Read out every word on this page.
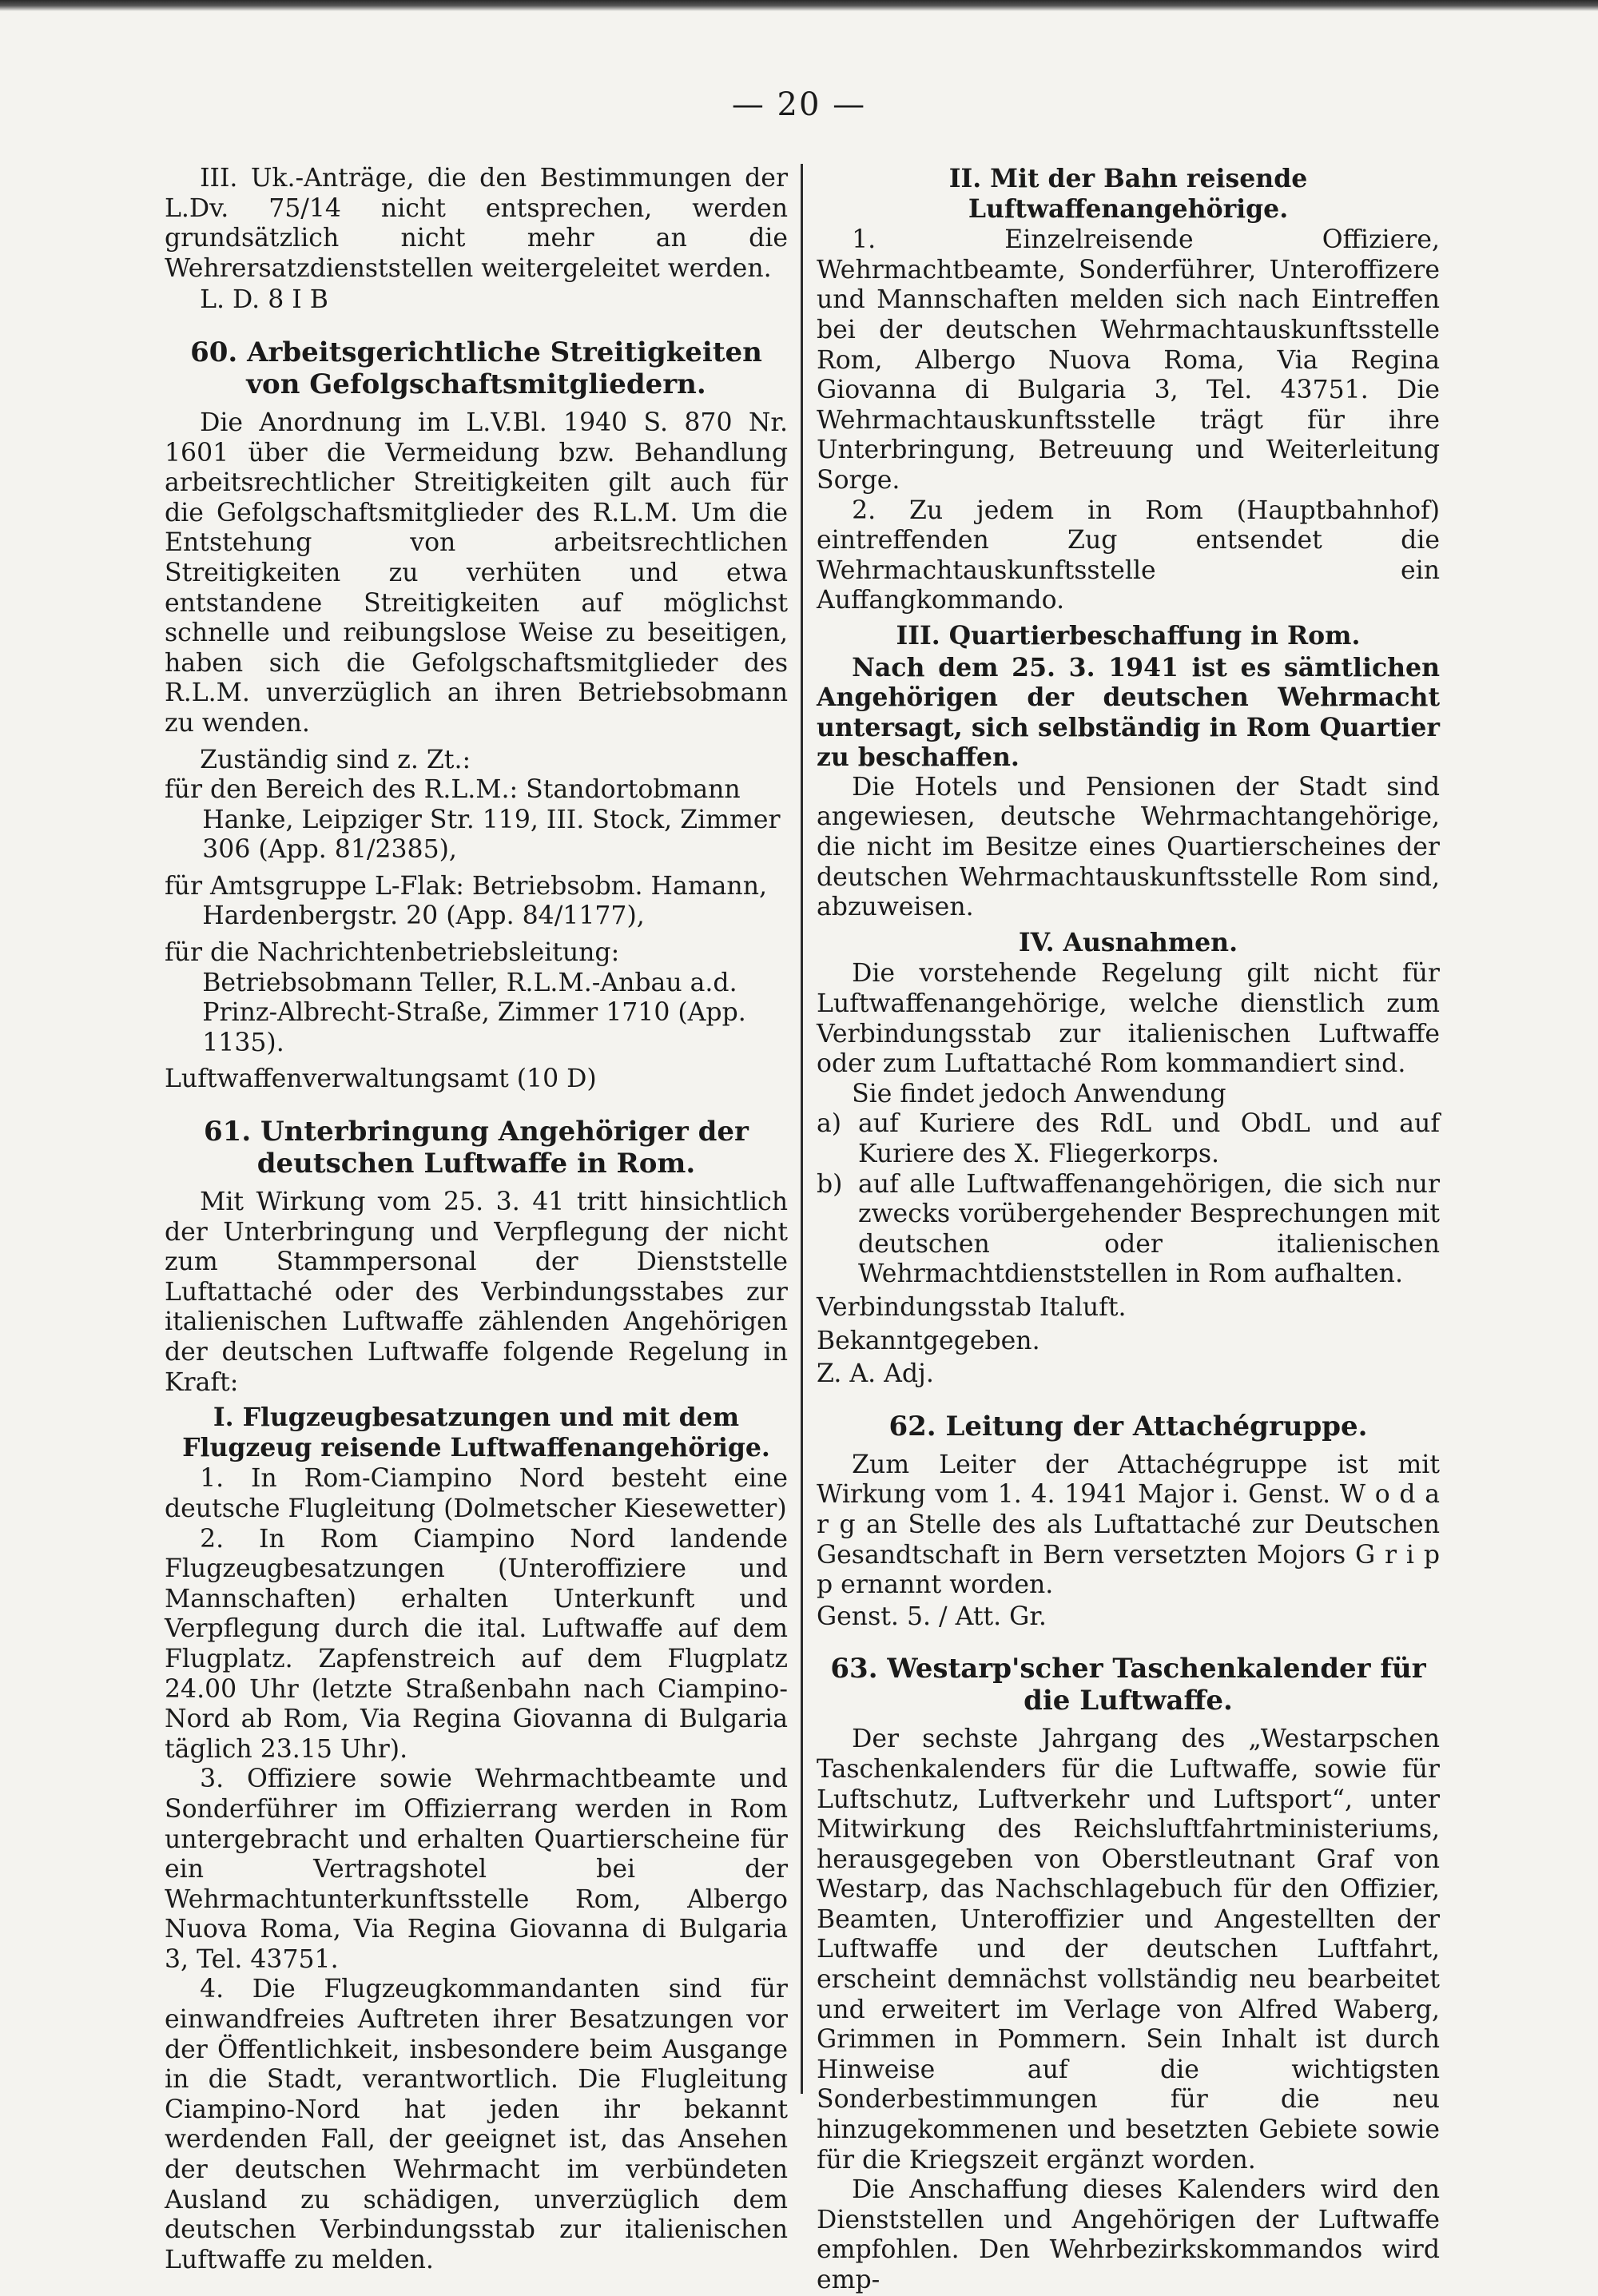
— 20 —

III. Uk.-Anträge, die den Bestimmungen der L.Dv. 75/14 nicht entsprechen, werden grundsätzlich nicht mehr an die Wehrersatzdienststellen weitergeleitet werden.

L. D. 8 I B

60. Arbeitsgerichtliche Streitigkeiten von Gefolgschaftsmitgliedern.

Die Anordnung im L.V.Bl. 1940 S. 870 Nr. 1601 über die Vermeidung bzw. Behandlung arbeitsrechtlicher Streitigkeiten gilt auch für die Gefolgschaftsmitglieder des R.L.M. Um die Entstehung von arbeitsrechtlichen Streitigkeiten zu verhüten und etwa entstandene Streitigkeiten auf möglichst schnelle und reibungslose Weise zu beseitigen, haben sich die Gefolgschaftsmitglieder des R.L.M. unverzüglich an ihren Betriebsobmann zu wenden.

Zuständig sind z. Zt.:

für den Bereich des R.L.M.: Standortobmann Hanke, Leipziger Str. 119, III. Stock, Zimmer 306 (App. 81/2385),

für Amtsgruppe L-Flak: Betriebsobm. Hamann, Hardenbergstr. 20 (App. 84/1177),

für die Nachrichtenbetriebsleitung: Betriebsobmann Teller, R.L.M.-Anbau a.d. Prinz-Albrecht-Straße, Zimmer 1710 (App. 1135).

Luftwaffenverwaltungsamt (10 D)

61. Unterbringung Angehöriger der deutschen Luftwaffe in Rom.

Mit Wirkung vom 25. 3. 41 tritt hinsichtlich der Unterbringung und Verpflegung der nicht zum Stammpersonal der Dienststelle Luftattaché oder des Verbindungsstabes zur italienischen Luftwaffe zählenden Angehörigen der deutschen Luftwaffe folgende Regelung in Kraft:

I. Flugzeugbesatzungen und mit dem Flugzeug reisende Luftwaffenangehörige.

1. In Rom-Ciampino Nord besteht eine deutsche Flugleitung (Dolmetscher Kiesewetter)

2. In Rom Ciampino Nord landende Flugzeugbesatzungen (Unteroffiziere und Mannschaften) erhalten Unterkunft und Verpflegung durch die ital. Luftwaffe auf dem Flugplatz. Zapfenstreich auf dem Flugplatz 24.00 Uhr (letzte Straßenbahn nach Ciampino-Nord ab Rom, Via Regina Giovanna di Bulgaria täglich 23.15 Uhr).

3. Offiziere sowie Wehrmachtbeamte und Sonderführer im Offizierrang werden in Rom untergebracht und erhalten Quartierscheine für ein Vertragshotel bei der Wehrmachtunterkunftsstelle Rom, Albergo Nuova Roma, Via Regina Giovanna di Bulgaria 3, Tel. 43751.

4. Die Flugzeugkommandanten sind für einwandfreies Auftreten ihrer Besatzungen vor der Öffentlichkeit, insbesondere beim Ausgange in die Stadt, verantwortlich. Die Flugleitung Ciampino-Nord hat jeden ihr bekannt werdenden Fall, der geeignet ist, das Ansehen der deutschen Wehrmacht im verbündeten Ausland zu schädigen, unverzüglich dem deutschen Verbindungsstab zur italienischen Luftwaffe zu melden.

II. Mit der Bahn reisende Luftwaffenangehörige.

1. Einzelreisende Offiziere, Wehrmachtbeamte, Sonderführer, Unteroffizere und Mannschaften melden sich nach Eintreffen bei der deutschen Wehrmachtauskunftsstelle Rom, Albergo Nuova Roma, Via Regina Giovanna di Bulgaria 3, Tel. 43751. Die Wehrmachtauskunftsstelle trägt für ihre Unterbringung, Betreuung und Weiterleitung Sorge.

2. Zu jedem in Rom (Hauptbahnhof) eintreffenden Zug entsendet die Wehrmachtauskunftsstelle ein Auffangkommando.

III. Quartierbeschaffung in Rom.

Nach dem 25. 3. 1941 ist es sämtlichen Angehörigen der deutschen Wehrmacht untersagt, sich selbständig in Rom Quartier zu beschaffen.

Die Hotels und Pensionen der Stadt sind angewiesen, deutsche Wehrmachtangehörige, die nicht im Besitze eines Quartierscheines der deutschen Wehrmachtauskunftsstelle Rom sind, abzuweisen.

IV. Ausnahmen.

Die vorstehende Regelung gilt nicht für Luftwaffenangehörige, welche dienstlich zum Verbindungsstab zur italienischen Luftwaffe oder zum Luftattaché Rom kommandiert sind.

Sie findet jedoch Anwendung

a) auf Kuriere des RdL und ObdL und auf Kuriere des X. Fliegerkorps.
b) auf alle Luftwaffenangehörigen, die sich nur zwecks vorübergehender Besprechungen mit deutschen oder italienischen Wehrmachtdienststellen in Rom aufhalten.

Verbindungsstab Italuft.

Bekanntgegeben.

Z. A. Adj.

62. Leitung der Attachégruppe.

Zum Leiter der Attachégruppe ist mit Wirkung vom 1. 4. 1941 Major i. Genst. W o d a r g an Stelle des als Luftattaché zur Deutschen Gesandtschaft in Bern versetzten Mojors G r i p p ernannt worden.

Genst. 5. / Att. Gr.

63. Westarp'scher Taschenkalender für die Luftwaffe.

Der sechste Jahrgang des „Westarpschen Taschenkalenders für die Luftwaffe, sowie für Luftschutz, Luftverkehr und Luftsport“, unter Mitwirkung des Reichsluftfahrtministeriums, herausgegeben von Oberstleutnant Graf von Westarp, das Nachschlagebuch für den Offizier, Beamten, Unteroffizier und Angestellten der Luftwaffe und der deutschen Luftfahrt, erscheint demnächst vollständig neu bearbeitet und erweitert im Verlage von Alfred Waberg, Grimmen in Pommern. Sein Inhalt ist durch Hinweise auf die wichtigsten Sonderbestimmungen für die neu hinzugekommenen und besetzten Gebiete sowie für die Kriegszeit ergänzt worden.

Die Anschaffung dieses Kalenders wird den Dienststellen und Angehörigen der Luftwaffe empfohlen. Den Wehrbezirkskommandos wird emp-
